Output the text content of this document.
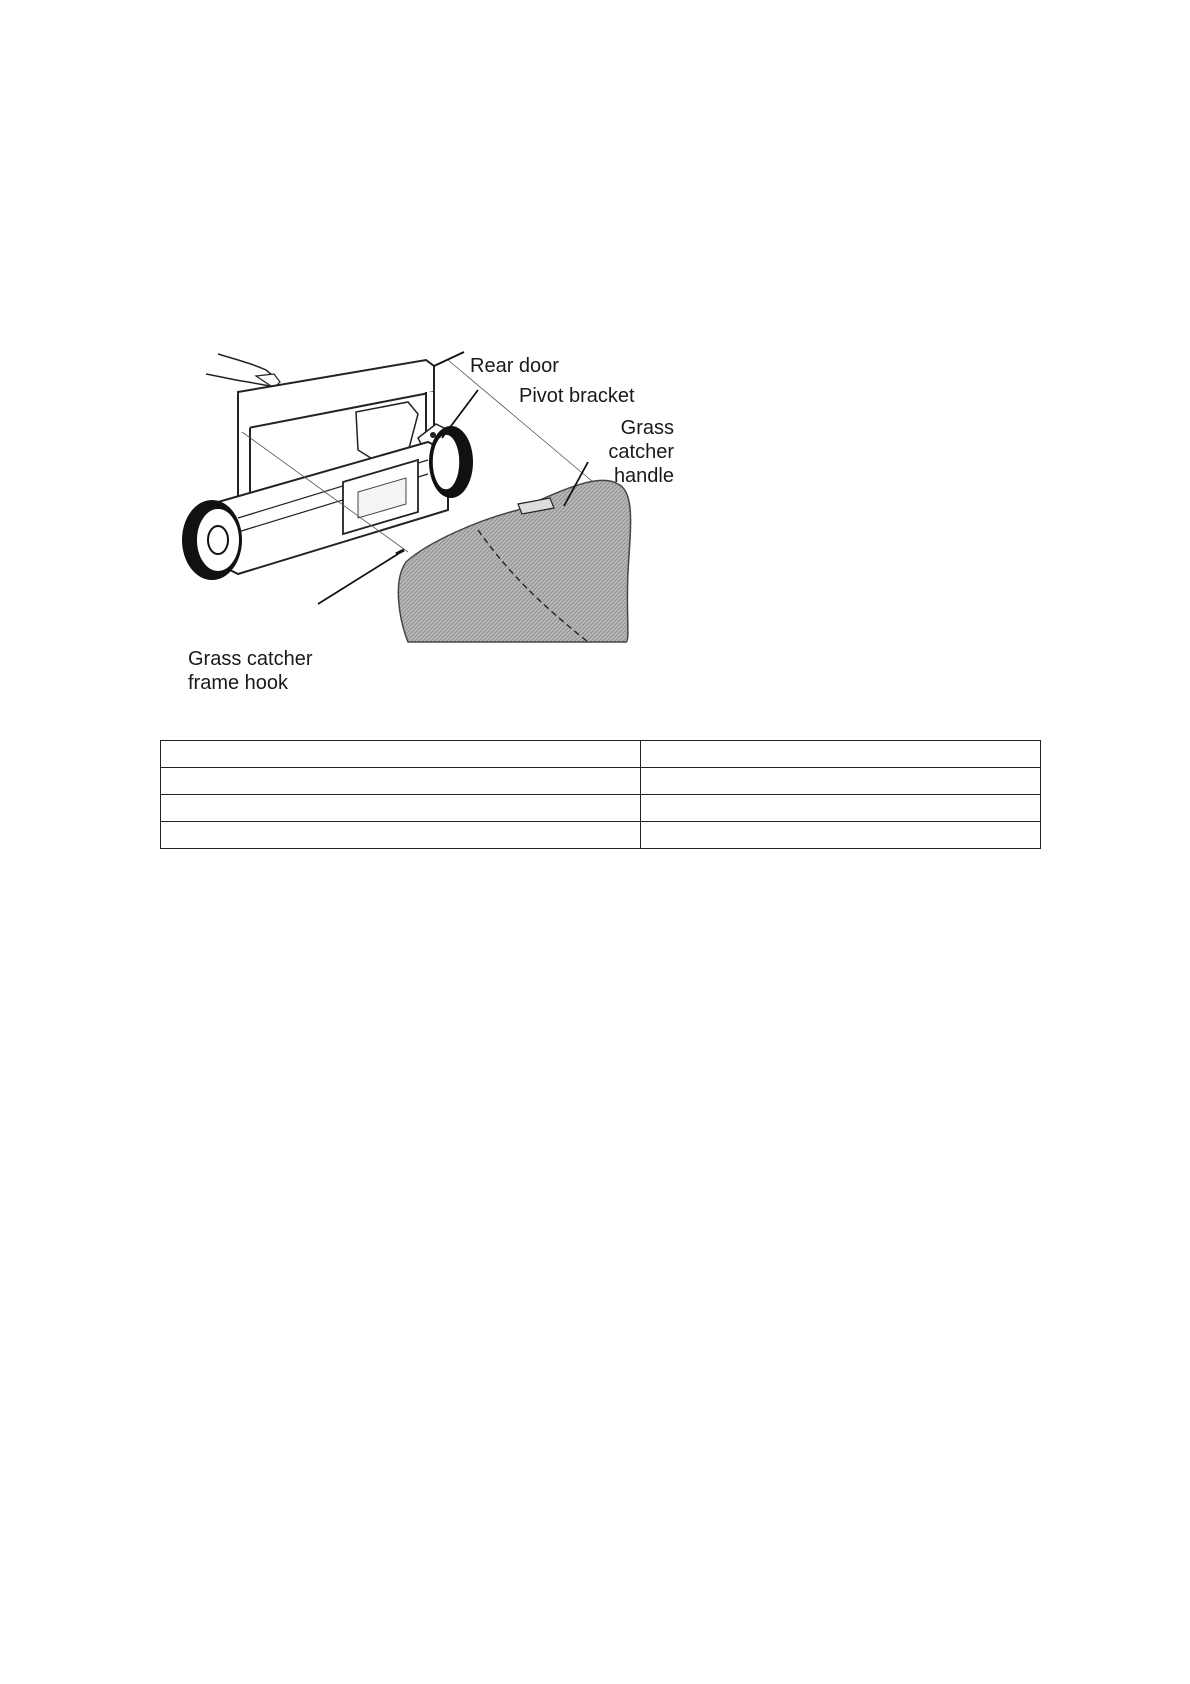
Rear door
Pivot bracket
Grass
catcher
handle
Grass catcher
frame hook
